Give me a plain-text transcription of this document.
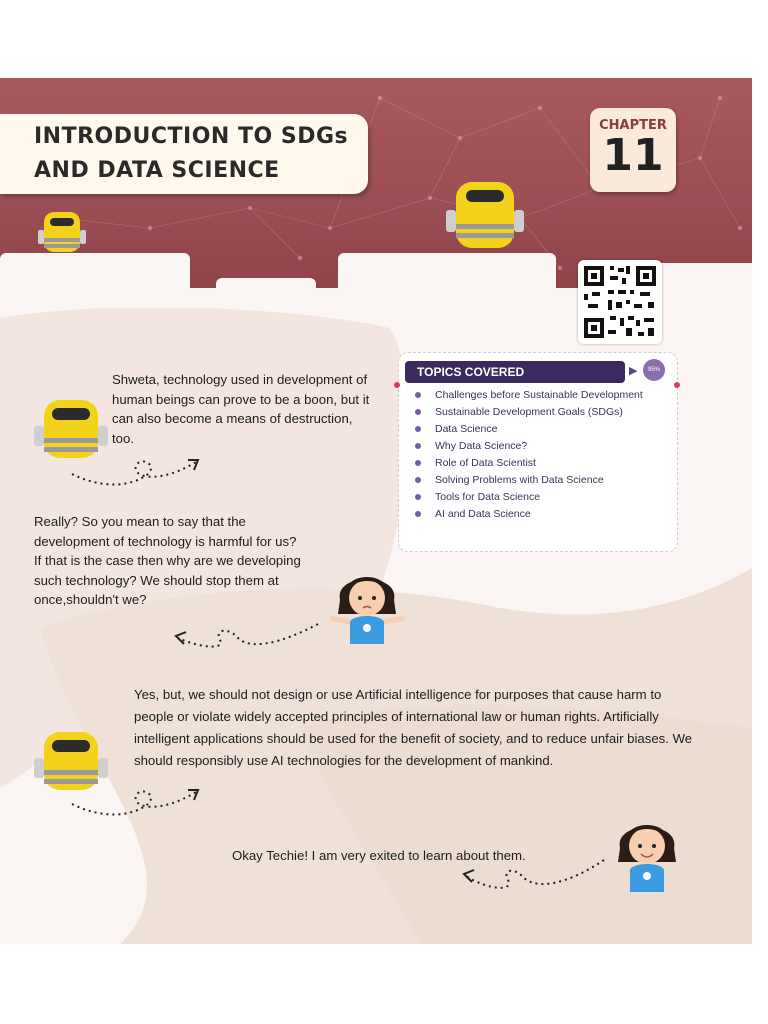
INTRODUCTION TO SDGs
AND DATA SCIENCE
CHAPTER
11
TOPICS COVERED	▶	95%
Challenges before Sustainable Development
Sustainable Development Goals (SDGs)
Data Science
Why Data Science?
Role of Data Scientist
Solving Problems with Data Science
Tools for Data Science
AI and Data Science

Shweta, technology used in development of human beings can prove to be a boon, but it can also become a means of destruction, too.

Really? So you mean to say that the development of technology is harmful for us? If that is the case then why are we developing such technology? We should stop them at once,shouldn't we?

Yes, but, we should not design or use Artificial intelligence for purposes that cause harm to people or violate widely accepted principles of international law or human rights. Artificially intelligent applications should be used for the benefit of society, and to reduce unfair biases. We should responsibly use AI technologies for the development of mankind.

Okay Techie! I am very exited to learn about them.
